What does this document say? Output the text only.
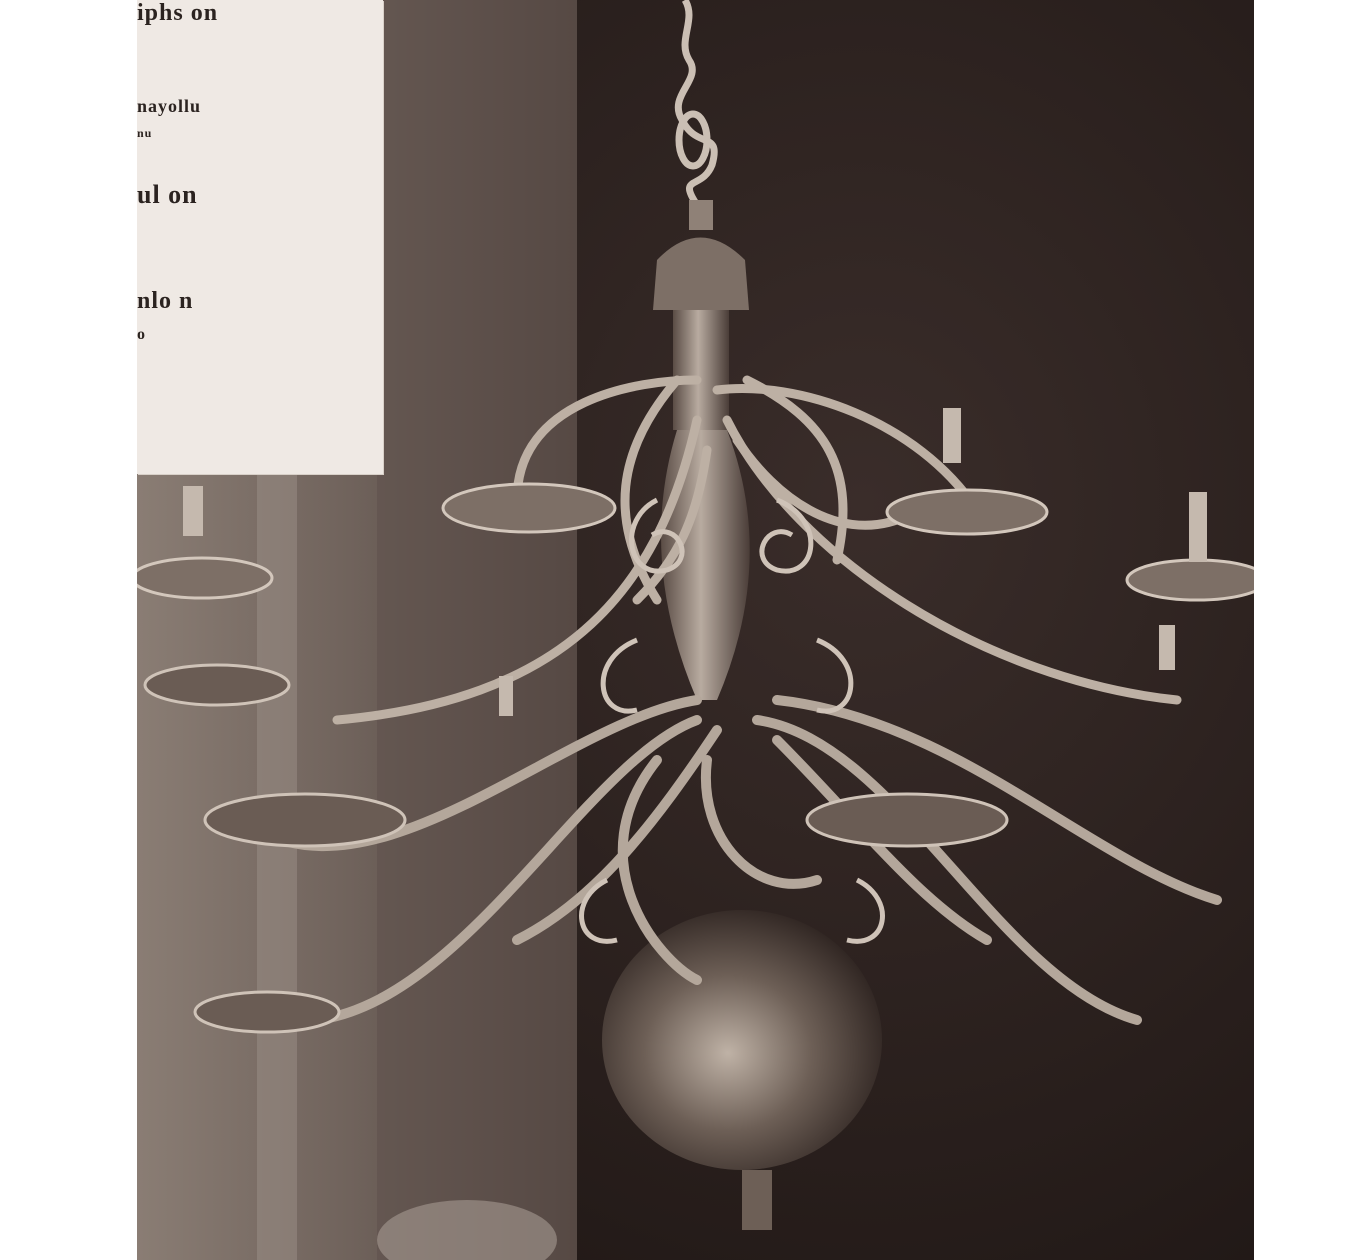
iphs on
nayollu
nu
ul on
nlo n
o
